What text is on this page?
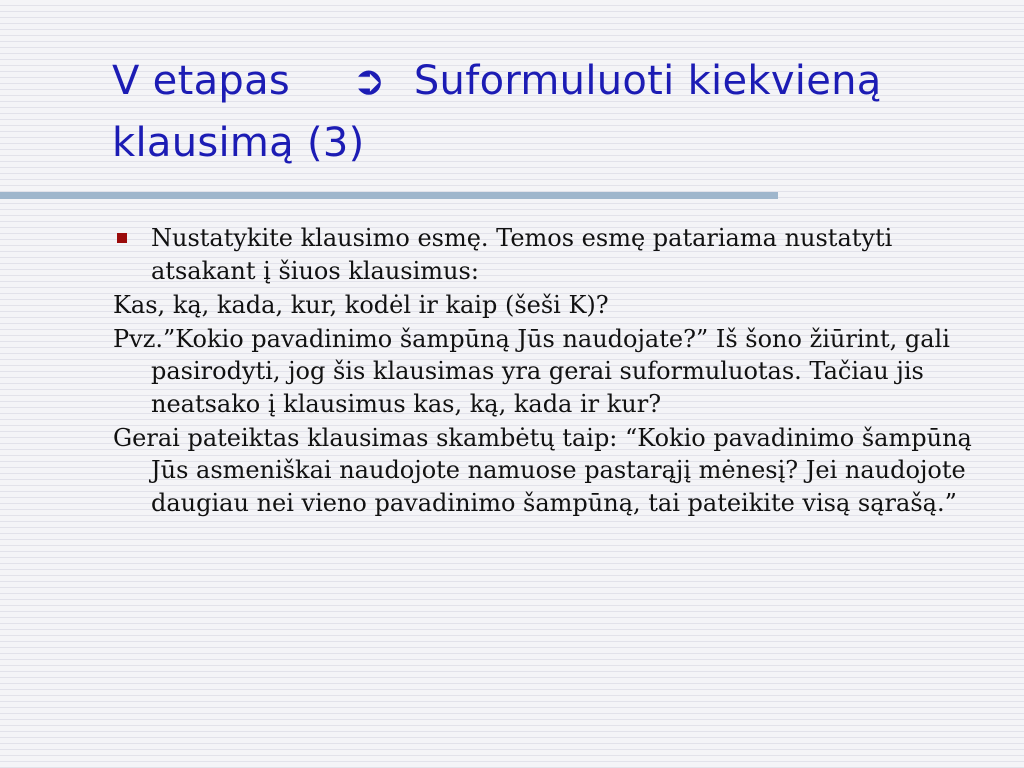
V etapas ➲ Suformuluoti kiekvieną klausimą (3)
Nustatykite klausimo esmę. Temos esmę patariama nustatyti atsakant į šiuos klausimus:

Kas, ką, kada, kur, kodėl ir kaip (šeši K)?

Pvz.”Kokio pavadinimo šampūną Jūs naudojate?” Iš šono žiūrint, gali pasirodyti, jog šis klausimas yra gerai suformuluotas. Tačiau jis neatsako į klausimus kas, ką, kada ir kur?

Gerai pateiktas klausimas skambėtų taip: “Kokio pavadinimo šampūną Jūs asmeniškai naudojote namuose pastarąjį mėnesį? Jei naudojote daugiau nei vieno pavadinimo šampūną, tai pateikite visą sąrašą.”
